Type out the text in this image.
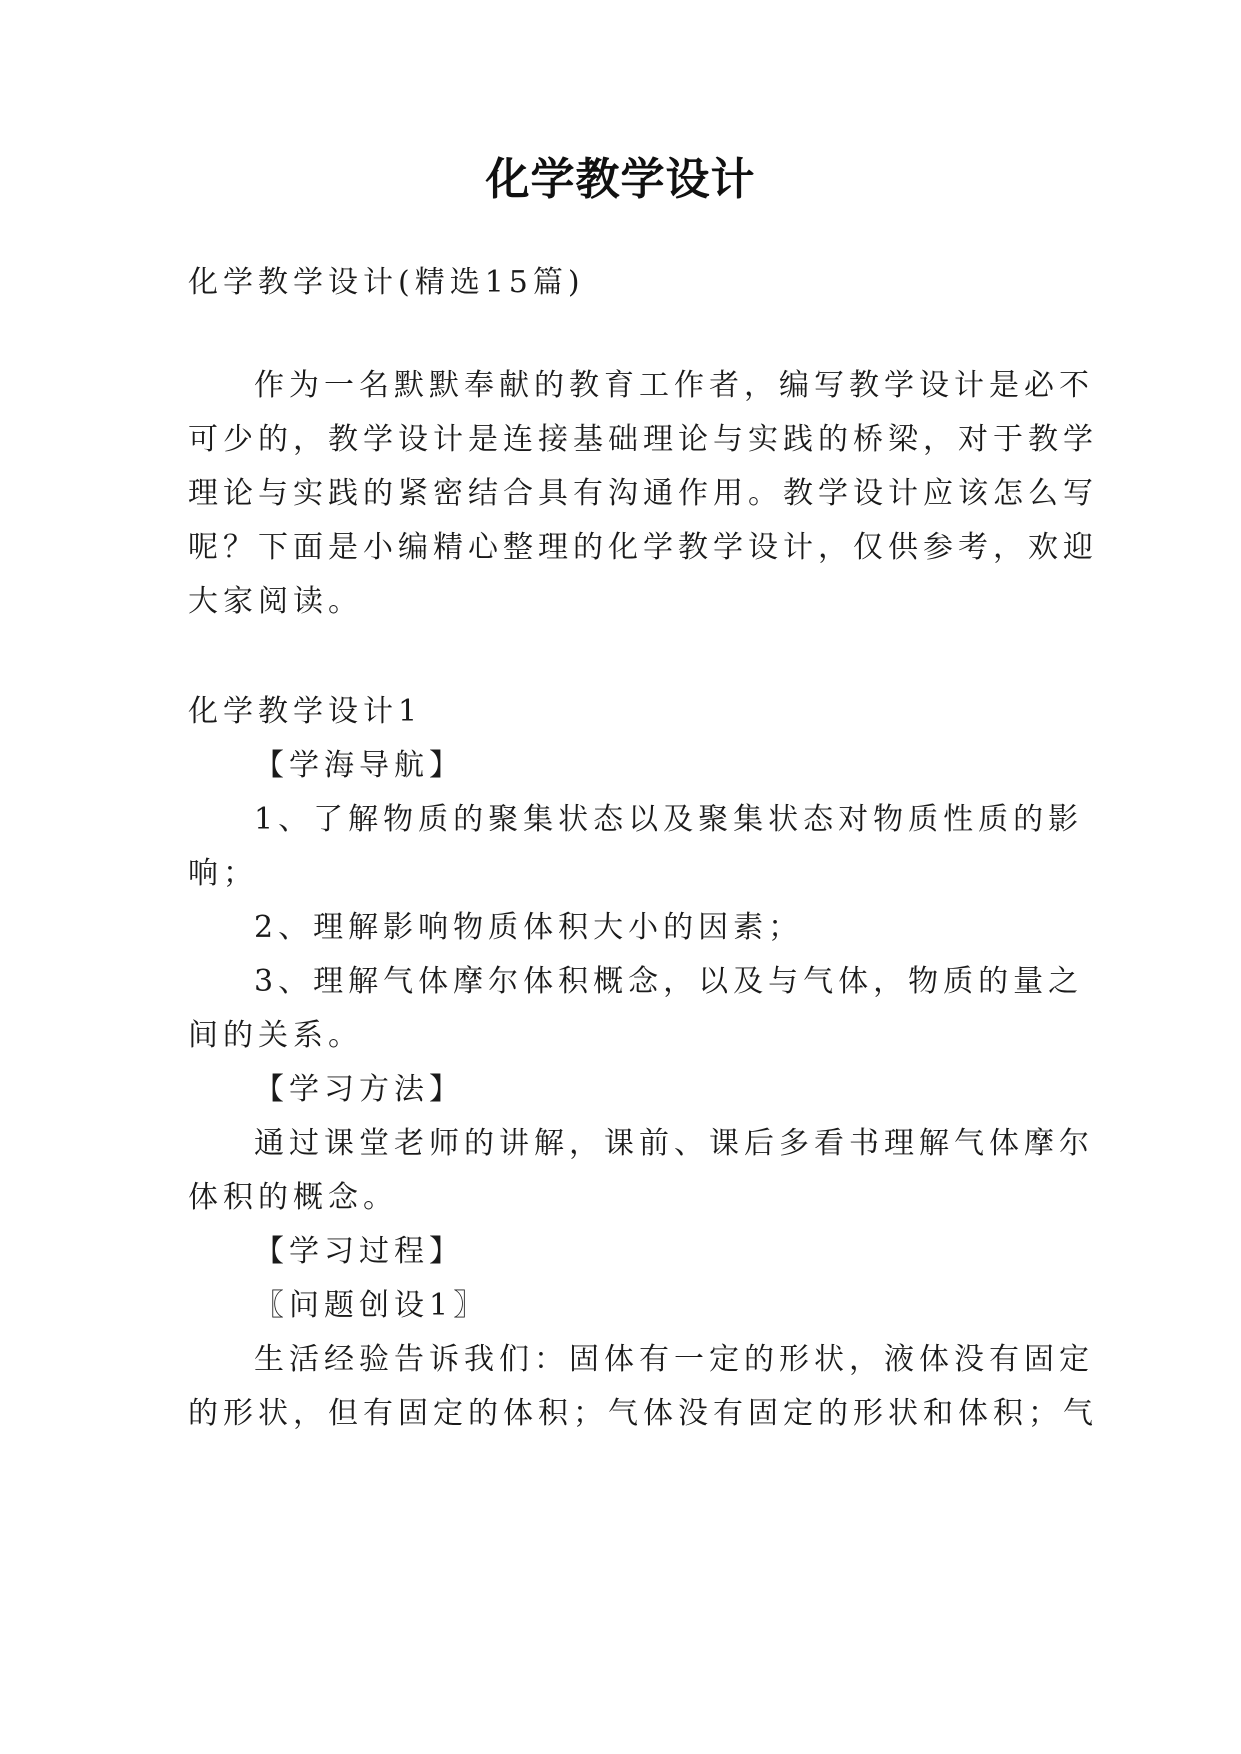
化学教学设计
化学教学设计(精选15篇)
作为一名默默奉献的教育工作者，编写教学设计是必不
可少的，教学设计是连接基础理论与实践的桥梁，对于教学
理论与实践的紧密结合具有沟通作用。教学设计应该怎么写
呢？下面是小编精心整理的化学教学设计，仅供参考，欢迎
大家阅读。
化学教学设计1
【学海导航】
1、了解物质的聚集状态以及聚集状态对物质性质的影
响；
2、理解影响物质体积大小的因素；
3、理解气体摩尔体积概念，以及与气体，物质的量之
间的关系。
【学习方法】
通过课堂老师的讲解，课前、课后多看书理解气体摩尔
体积的概念。
【学习过程】
〖问题创设1〗
生活经验告诉我们：固体有一定的形状，液体没有固定
的形状，但有固定的体积；气体没有固定的形状和体积；气
